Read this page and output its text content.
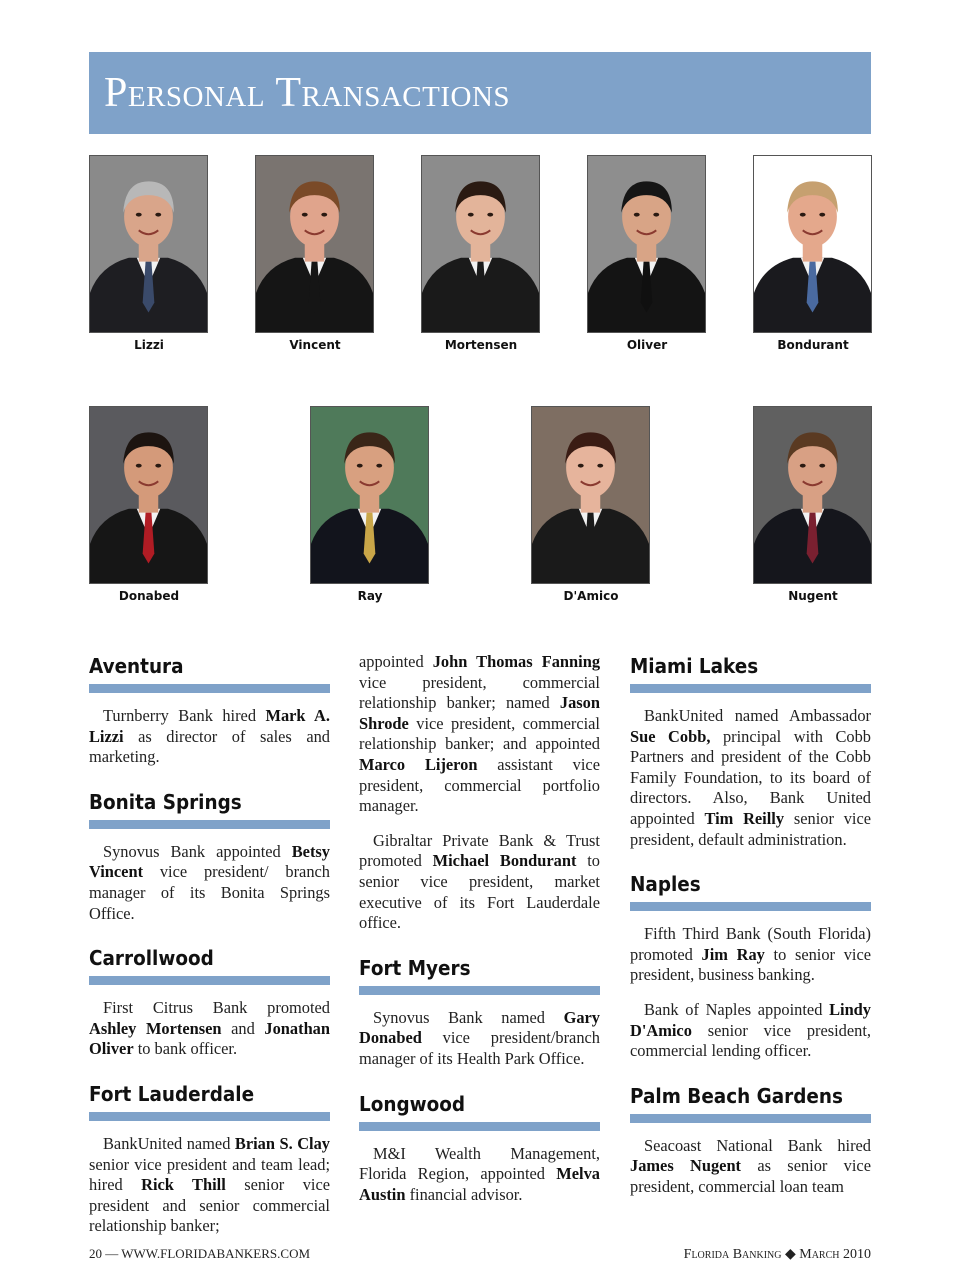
Personal Transactions
Lizzi	Vincent	Mortensen	Oliver	Bondurant
Donabed	Ray	D'Amico	Nugent
Aventura

Turnberry Bank hired Mark A. Lizzi as director of sales and marketing.

Bonita Springs

Synovus Bank appointed Betsy Vincent vice president/ branch manager of its Bonita Springs Office.

Carrollwood

First Citrus Bank promoted Ashley Mortensen and Jonathan Oliver to bank officer.

Fort Lauderdale

BankUnited named Brian S. Clay senior vice president and team lead; hired Rick Thill senior vice president and senior commercial relationship banker;

appointed John Thomas Fanning vice president, commercial relationship banker; named Jason Shrode vice president, commercial relationship banker; and appointed Marco Lijeron assistant vice president, commercial portfolio manager.

Gibraltar Private Bank & Trust promoted Michael Bondurant to senior vice president, market executive of its Fort Lauderdale office.

Fort Myers

Synovus Bank named Gary Donabed vice president/branch manager of its Health Park Office.

Longwood

M&I Wealth Management, Florida Region, appointed Melva Austin financial advisor.

Miami Lakes

BankUnited named Ambassador Sue Cobb, principal with Cobb Partners and president of the Cobb Family Foundation, to its board of directors. Also, Bank United appointed Tim Reilly senior vice president, default administration.

Naples

Fifth Third Bank (South Florida) promoted Jim Ray to senior vice president, business banking.

Bank of Naples appointed Lindy D'Amico senior vice president, commercial lending officer.

Palm Beach Gardens

Seacoast National Bank hired James Nugent as senior vice president, commercial loan team

20 — WWW.FLORIDABANKERS.COM	Florida Banking ◆ March 2010
